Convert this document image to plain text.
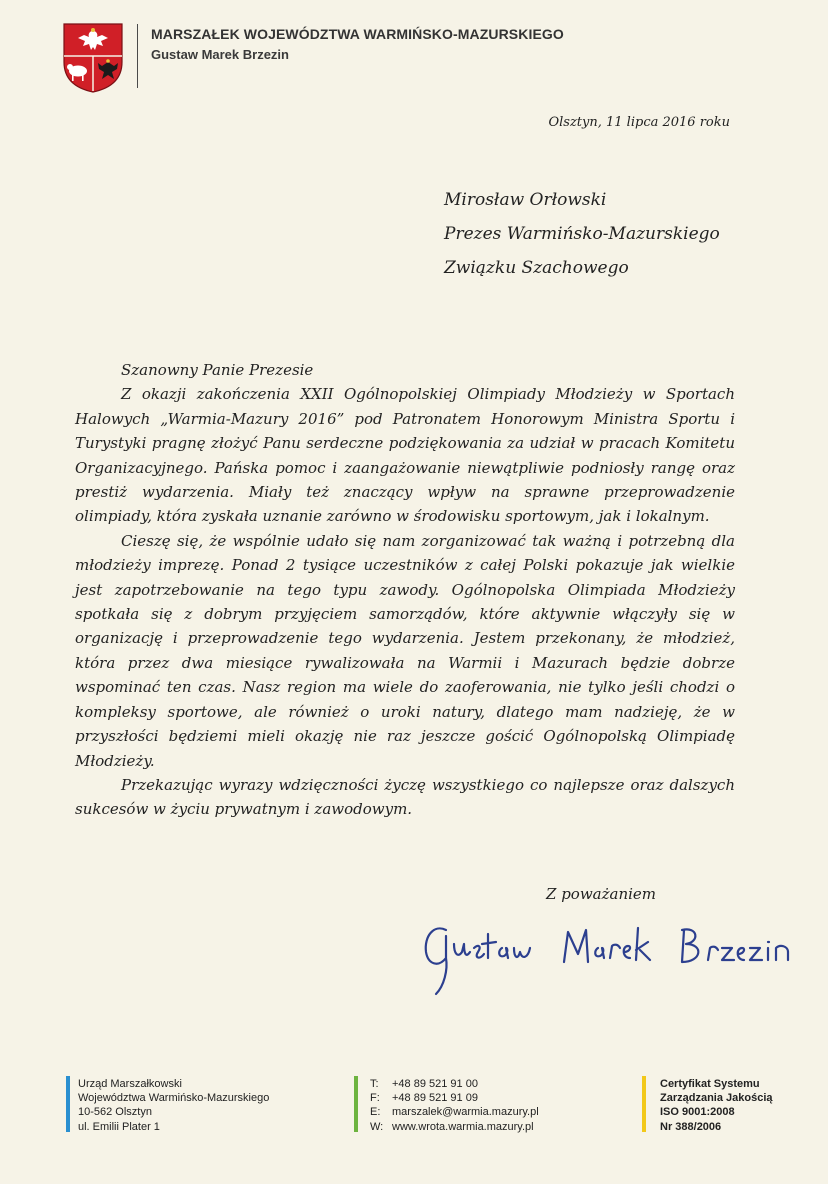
MARSZAŁEK WOJEWÓDZTWA WARMIŃSKO-MAZURSKIEGO
Gustaw Marek Brzezin
Olsztyn, 11 lipca 2016 roku
Mirosław Orłowski
Prezes Warmińsko-Mazurskiego
Związku Szachowego
Szanowny Panie Prezesie

Z okazji zakończenia XXII Ogólnopolskiej Olimpiady Młodzieży w Sportach Halowych „Warmia-Mazury 2016” pod Patronatem Honorowym Ministra Sportu i Turystyki pragnę złożyć Panu serdeczne podziękowania za udział w pracach Komitetu Organizacyjnego. Pańska pomoc i zaangażowanie niewątpliwie podniosły rangę oraz prestiż wydarzenia. Miały też znaczący wpływ na sprawne przeprowadzenie olimpiady, która zyskała uznanie zarówno w środowisku sportowym, jak i lokalnym.

Cieszę się, że wspólnie udało się nam zorganizować tak ważną i potrzebną dla młodzieży imprezę. Ponad 2 tysiące uczestników z całej Polski pokazuje jak wielkie jest zapotrzebowanie na tego typu zawody. Ogólnopolska Olimpiada Młodzieży spotkała się z dobrym przyjęciem samorządów, które aktywnie włączyły się w organizację i przeprowadzenie tego wydarzenia. Jestem przekonany, że młodzież, która przez dwa miesiące rywalizowała na Warmii i Mazurach będzie dobrze wspominać ten czas. Nasz region ma wiele do zaoferowania, nie tylko jeśli chodzi o kompleksy sportowe, ale również o uroki natury, dlatego mam nadzieję, że w przyszłości będziemi mieli okazję nie raz jeszcze gościć Ogólnopolską Olimpiadę Młodzieży.

Przekazując wyrazy wdzięczności życzę wszystkiego co najlepsze oraz dalszych sukcesów w życiu prywatnym i zawodowym.

Z poważaniem
Urząd Marszałkowski
Województwa Warmińsko-Mazurskiego
10-562 Olsztyn
ul. Emilii Plater 1
T:	+48 89 521 91 00
F:	+48 89 521 91 09
E:	marszalek@warmia.mazury.pl
W: www.wrota.warmia.mazury.pl
Certyfikat Systemu
Zarządzania Jakością
ISO 9001:2008
Nr 388/2006
